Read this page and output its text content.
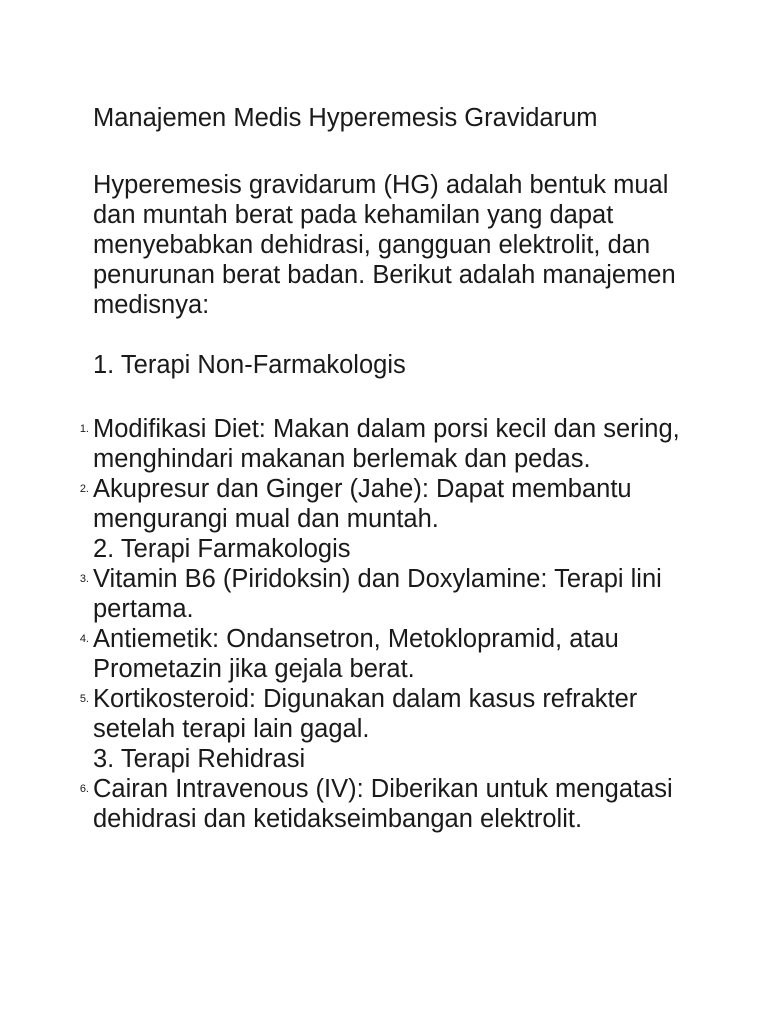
Manajemen Medis Hyperemesis Gravidarum

Hyperemesis gravidarum (HG) adalah bentuk mual dan muntah berat pada kehamilan yang dapat menyebabkan dehidrasi, gangguan elektrolit, dan penurunan berat badan. Berikut adalah manajemen medisnya:

1. Terapi Non-Farmakologis
1. Modifikasi Diet: Makan dalam porsi kecil dan sering, menghindari makanan berlemak dan pedas.
2. Akupresur dan Ginger (Jahe): Dapat membantu mengurangi mual dan muntah.
2. Terapi Farmakologis
3. Vitamin B6 (Piridoksin) dan Doxylamine: Terapi lini pertama.
4. Antiemetik: Ondansetron, Metoklopramid, atau Prometazin jika gejala berat.
5. Kortikosteroid: Digunakan dalam kasus refrakter setelah terapi lain gagal.
3. Terapi Rehidrasi
6. Cairan Intravenous (IV): Diberikan untuk mengatasi dehidrasi dan ketidakseimbangan elektrolit.
